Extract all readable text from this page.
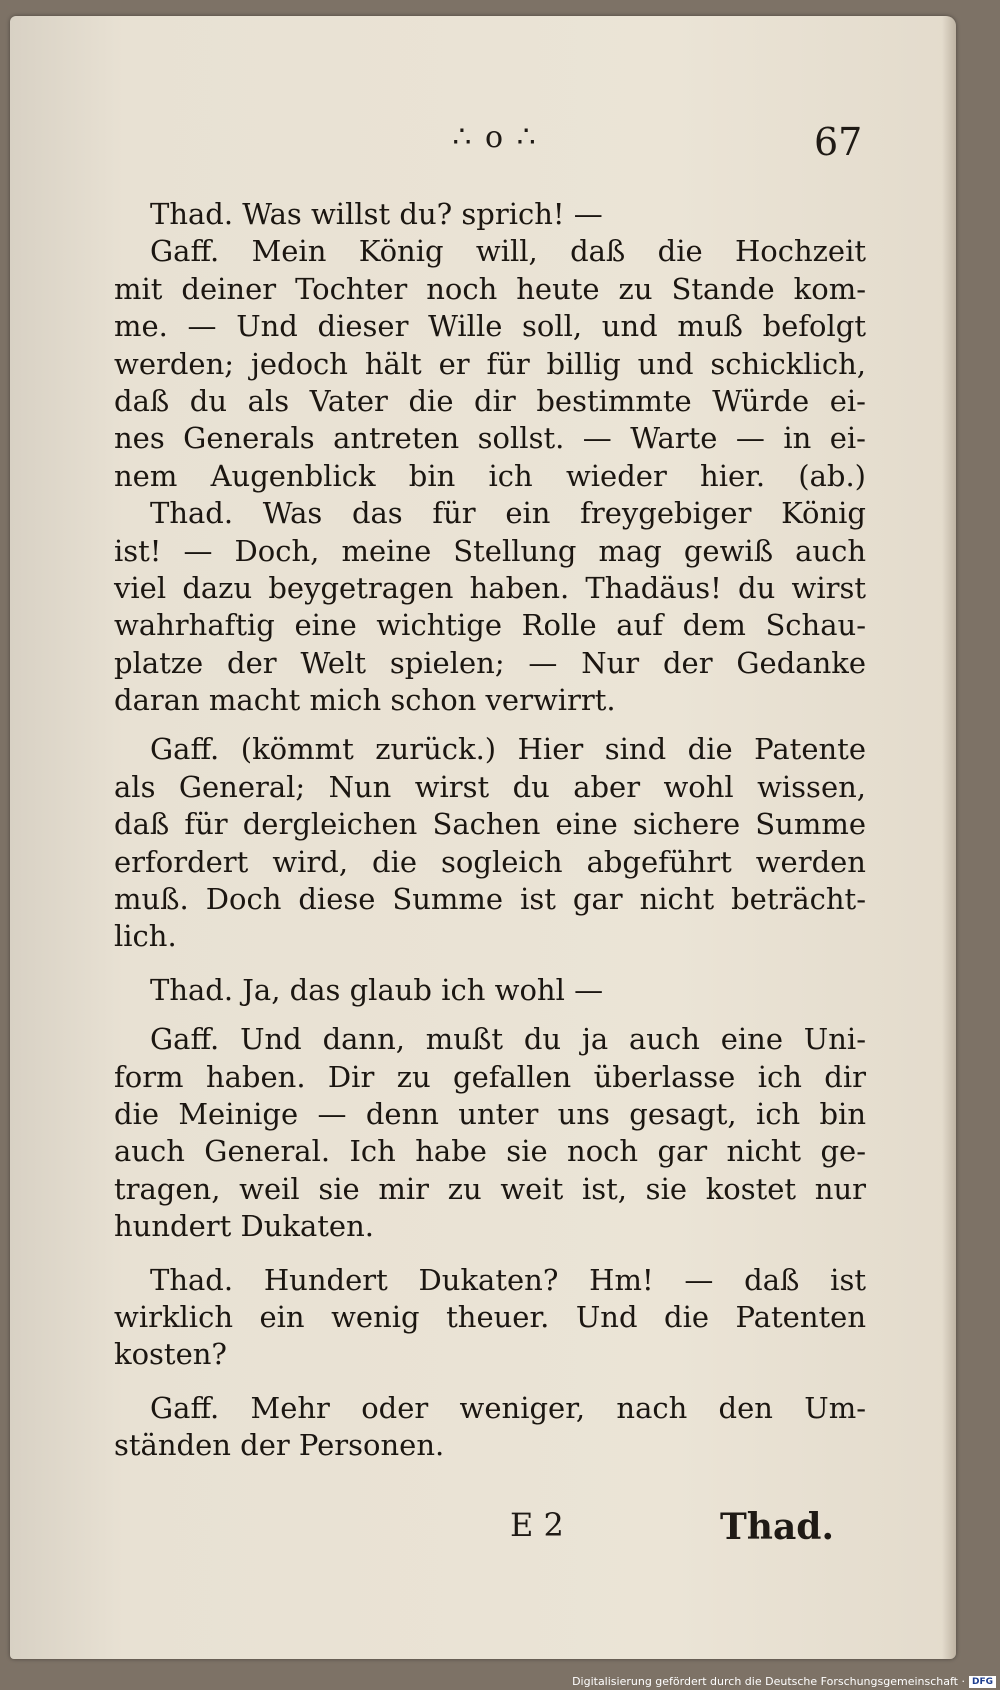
∴ o ∴	67
Thad. Was willst du? sprich! —
Gaff. Mein König will, daß die Hochzeit
mit deiner Tochter noch heute zu Stande kom-
me. — Und dieser Wille soll, und muß befolgt
werden; jedoch hält er für billig und schicklich,
daß du als Vater die dir bestimmte Würde ei-
nes Generals antreten sollst. — Warte — in ei-
nem Augenblick bin ich wieder hier. (ab.)
Thad. Was das für ein freygebiger König
ist! — Doch, meine Stellung mag gewiß auch
viel dazu beygetragen haben. Thadäus! du wirst
wahrhaftig eine wichtige Rolle auf dem Schau-
platze der Welt spielen; — Nur der Gedanke
daran macht mich schon verwirrt.
Gaff. (kömmt zurück.) Hier sind die Patente
als General; Nun wirst du aber wohl wissen,
daß für dergleichen Sachen eine sichere Summe
erfordert wird, die sogleich abgeführt werden
muß. Doch diese Summe ist gar nicht beträcht-
lich.
Thad. Ja, das glaub ich wohl —
Gaff. Und dann, mußt du ja auch eine Uni-
form haben. Dir zu gefallen überlasse ich dir
die Meinige — denn unter uns gesagt, ich bin
auch General. Ich habe sie noch gar nicht ge-
tragen, weil sie mir zu weit ist, sie kostet nur
hundert Dukaten.
Thad. Hundert Dukaten? Hm! — daß ist
wirklich ein wenig theuer. Und die Patenten
kosten?
Gaff. Mehr oder weniger, nach den Um-
ständen der Personen.
E 2	Thad.
Digitalisierung gefördert durch die Deutsche Forschungsgemeinschaft · DFG
